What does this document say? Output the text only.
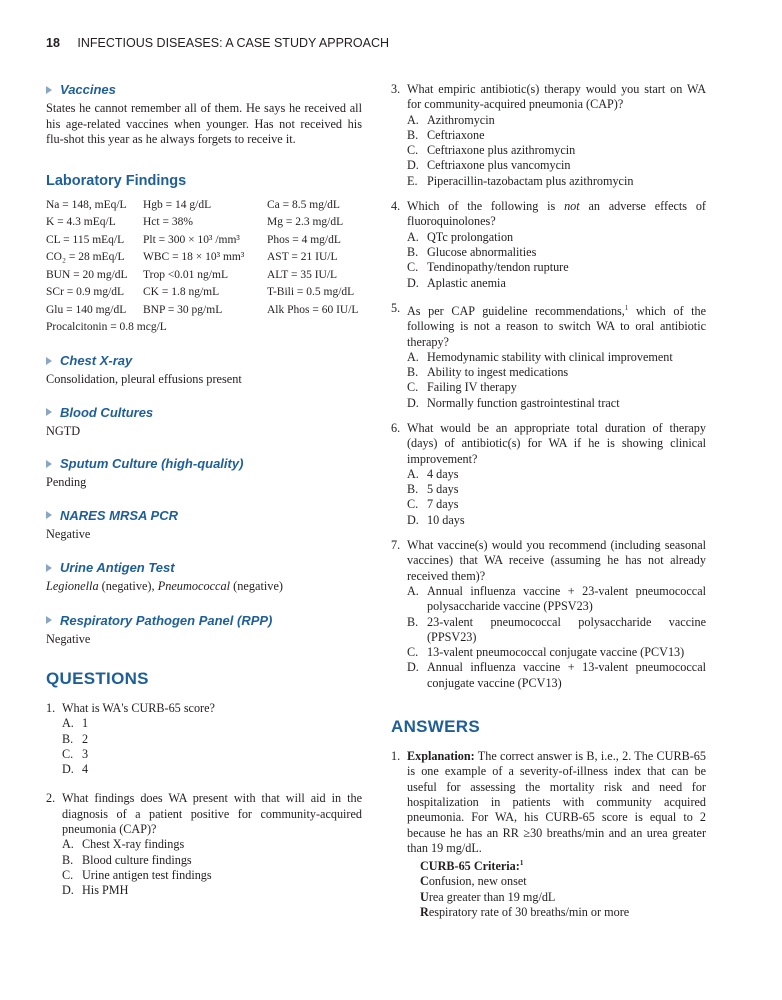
18 INFECTIOUS DISEASES: A CASE STUDY APPROACH
Vaccines

States he cannot remember all of them. He says he received all his age-related vaccines when younger. Has not received his flu-shot this year as he always forgets to receive it.

Laboratory Findings
Na = 148, mEq/L	Hgb = 14 g/dL	Ca = 8.5 mg/dL
K = 4.3 mEq/L	Hct = 38%	Mg = 2.3 mg/dL
CL = 115 mEq/L	Plt = 300 × 10³ /mm³	Phos = 4 mg/dL
CO₂ = 28 mEq/L	WBC = 18 × 10³ mm³	AST = 21 IU/L
BUN = 20 mg/dL	Trop <0.01 ng/mL	ALT = 35 IU/L
SCr = 0.9 mg/dL	CK = 1.8 ng/mL	T-Bili = 0.5 mg/dL
Glu = 140 mg/dL	BNP = 30 pg/mL	Alk Phos = 60 IU/L
Procalcitonin = 0.8 mcg/L
Chest X-ray

Consolidation, pleural effusions present

Blood Cultures

NGTD

Sputum Culture (high-quality)

Pending

NARES MRSA PCR

Negative

Urine Antigen Test

Legionella (negative), Pneumococcal (negative)

Respiratory Pathogen Panel (RPP)

Negative

QUESTIONS
1. What is WA's CURB-65 score?
A. 1
B. 2
C. 3
D. 4
2. What findings does WA present with that will aid in the diagnosis of a patient positive for community-acquired pneumonia (CAP)?
A. Chest X-ray findings
B. Blood culture findings
C. Urine antigen test findings
D. His PMH
3. What empiric antibiotic(s) therapy would you start on WA for community-acquired pneumonia (CAP)?
A. Azithromycin
B. Ceftriaxone
C. Ceftriaxone plus azithromycin
D. Ceftriaxone plus vancomycin
E. Piperacillin-tazobactam plus azithromycin
4. Which of the following is not an adverse effects of fluoroquinolones?
A. QTc prolongation
B. Glucose abnormalities
C. Tendinopathy/tendon rupture
D. Aplastic anemia
5. As per CAP guideline recommendations,$^1$ which of the following is not a reason to switch WA to oral antibiotic therapy?
A. Hemodynamic stability with clinical improvement
B. Ability to ingest medications
C. Failing IV therapy
D. Normally function gastrointestinal tract
6. What would be an appropriate total duration of therapy (days) of antibiotic(s) for WA if he is showing clinical improvement?
A. 4 days
B. 5 days
C. 7 days
D. 10 days
7. What vaccine(s) would you recommend (including seasonal vaccines) that WA receive (assuming he has not already received them)?
A. Annual influenza vaccine + 23-valent pneumococcal polysaccharide vaccine (PPSV23)
B. 23-valent pneumococcal polysaccharide vaccine (PPSV23)
C. 13-valent pneumococcal conjugate vaccine (PCV13)
D. Annual influenza vaccine + 13-valent pneumococcal conjugate vaccine (PCV13)
ANSWERS
1. Explanation: The correct answer is B, i.e., 2. The CURB-65 is one example of a severity-of-illness index that can be useful for assessing the mortality risk and need for hospitalization in patients with community acquired pneumonia. For WA, his CURB-65 score is equal to 2 because he has an RR ≥30 breaths/min and an urea greater than 19 mg/dL.
CURB-65 Criteria:$^1$
Confusion, new onset
Urea greater than 19 mg/dL
Respiratory rate of 30 breaths/min or more
